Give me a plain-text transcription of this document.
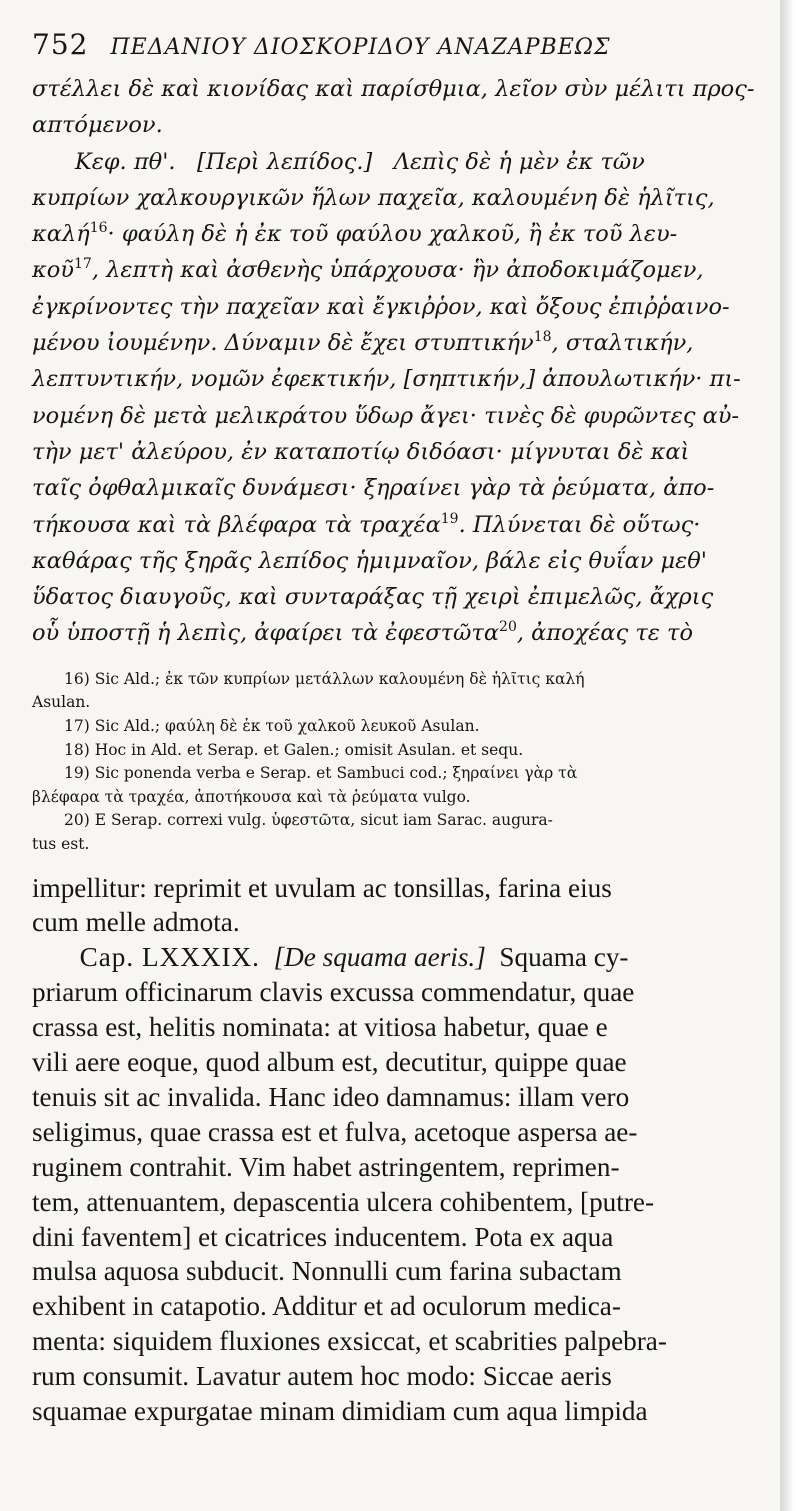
752 ΠΕΔΑΝΙΟΥ ΔΙΟΣΚΟΡΙΔΟΥ ΑΝΑΖΑΡΒΕΩΣ
στέλλει δὲ καὶ κιονίδας καὶ παρίσθμια, λεῖον σὺν μέλιτι προς-
απτόμενον.
Κεφ. πθ'. [Περὶ λεπίδος.] Λεπὶς δὲ ἡ μὲν ἐκ τῶν
κυπρίων χαλκουργικῶν ἥλων παχεῖα, καλουμένη δὲ ἡλῖτις,
καλή$^{16}$· φαύλη δὲ ἡ ἐκ τοῦ φαύλου χαλκοῦ, ἢ ἐκ τοῦ λευ-
κοῦ$^{17}$, λεπτὴ καὶ ἀσθενὴς ὑπάρχουσα· ἣν ἀποδοκιμάζομεν,
ἐγκρίνοντες τὴν παχεῖαν καὶ ἔγκιῤῥον, καὶ ὄξους ἐπιῤῥαινο-
μένου ἰουμένην. Δύναμιν δὲ ἔχει στυπτικήν$^{18}$, σταλτικήν,
λεπτυντικήν, νομῶν ἐφεκτικήν, [σηπτικήν,] ἀπουλωτικήν· πι-
νομένη δὲ μετὰ μελικράτου ὕδωρ ἄγει· τινὲς δὲ φυρῶντες αὐ-
τὴν μετ' ἀλεύρου, ἐν καταποτίῳ διδόασι· μίγνυται δὲ καὶ
ταῖς ὀφθαλμικαῖς δυνάμεσι· ξηραίνει γὰρ τὰ ῥεύματα, ἀπο-
τήκουσα καὶ τὰ βλέφαρα τὰ τραχέα$^{19}$. Πλύνεται δὲ οὕτως·
καθάρας τῆς ξηρᾶς λεπίδος ἡμιμναῖον, βάλε εἰς θυΐαν μεθ'
ὕδατος διαυγοῦς, καὶ συνταράξας τῇ χειρὶ ἐπιμελῶς, ἄχρις
οὗ ὑποστῇ ἡ λεπὶς, ἀφαίρει τὰ ἐφεστῶτα$^{20}$, ἀποχέας τε τὸ
16) Sic Ald.; ἐκ τῶν κυπρίων μετάλλων καλουμένη δὲ ἡλῖτις καλή
Asulan.
17) Sic Ald.; φαύλη δὲ ἐκ τοῦ χαλκοῦ λευκοῦ Asulan.
18) Hoc in Ald. et Serap. et Galen.; omisit Asulan. et sequ.
19) Sic ponenda verba e Serap. et Sambuci cod.; ξηραίνει γὰρ τὰ
βλέφαρα τὰ τραχέα, ἀποτήκουσα καὶ τὰ ῥεύματα vulgo.
20) E Serap. correxi vulg. ὑφεστῶτα, sicut iam Sarac. augura-
tus est.
impellitur: reprimit et uvulam ac tonsillas, farina eius
cum melle admota.
Cap. LXXXIX. [De squama aeris.] Squama cy-
priarum officinarum clavis excussa commendatur, quae
crassa est, helitis nominata: at vitiosa habetur, quae e
vili aere eoque, quod album est, decutitur, quippe quae
tenuis sit ac invalida. Hanc ideo damnamus: illam vero
seligimus, quae crassa est et fulva, acetoque aspersa ae-
ruginem contrahit. Vim habet astringentem, reprimen-
tem, attenuantem, depascentia ulcera cohibentem, [putre-
dini faventem] et cicatrices inducentem. Pota ex aqua
mulsa aquosa subducit. Nonnulli cum farina subactam
exhibent in catapotio. Additur et ad oculorum medica-
menta: siquidem fluxiones exsiccat, et scabrities palpebra-
rum consumit. Lavatur autem hoc modo: Siccae aeris
squamae expurgatae minam dimidiam cum aqua limpida
